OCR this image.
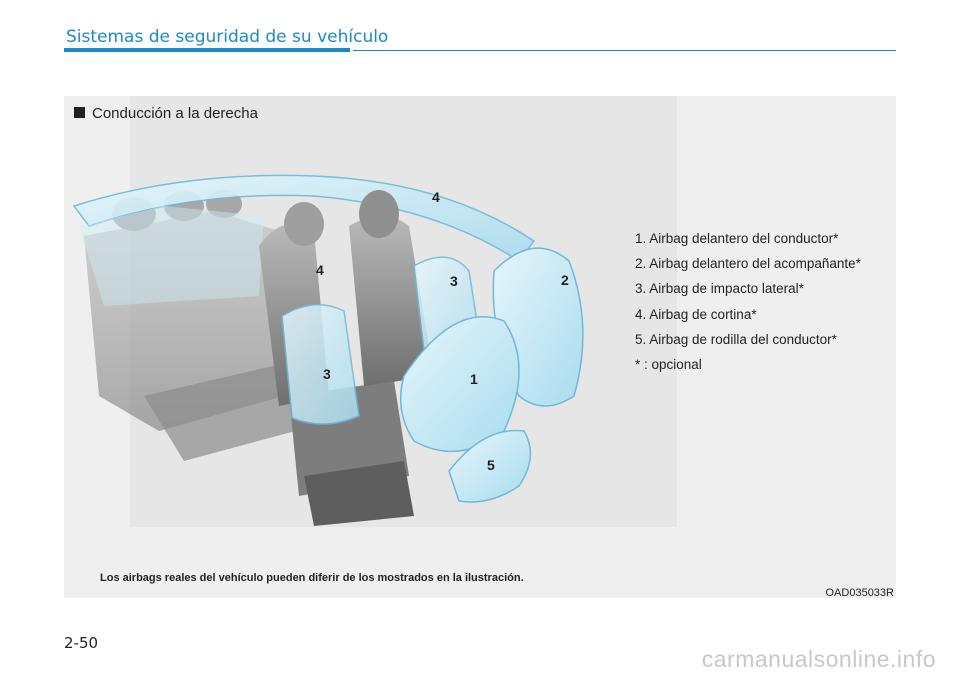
Sistemas de seguridad de su vehículo
4
4
3
3
2
1
5
Conducción a la derecha
1. Airbag delantero del conductor*
2. Airbag delantero del acompañante*
3. Airbag de impacto lateral*
4. Airbag de cortina*
5. Airbag de rodilla del conductor*
* : opcional
Los airbags reales del vehículo pueden diferir de los mostrados en la ilustración.
OAD035033R
2-50
carmanualsonline.info
